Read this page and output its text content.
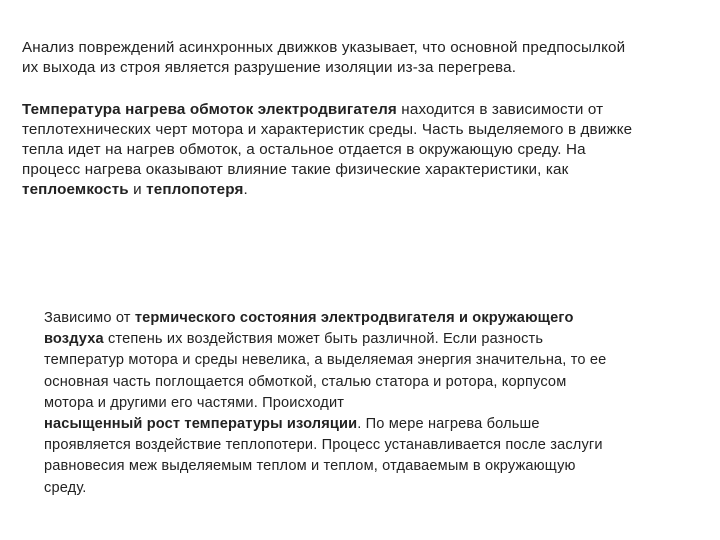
Анализ повреждений асинхронных движков указывает, что основной предпосылкой
их выхода из строя является разрушение изоляции из-за перегрева.
Температура нагрева обмоток электродвигателя находится в зависимости от
теплотехнических черт мотора и характеристик среды. Часть выделяемого в движке
тепла идет на нагрев обмоток, а остальное отдается в окружающую среду. На
процесс нагрева оказывают влияние такие физические характеристики, как
теплоемкость и теплопотеря.
Зависимо от термического состояния электродвигателя и окружающего
воздуха степень их воздействия может быть различной. Если разность
температур мотора и среды невелика, а выделяемая энергия значительна, то ее
основная часть поглощается обмоткой, сталью статора и ротора, корпусом
мотора и другими его частями. Происходит
насыщенный рост температуры изоляции. По мере нагрева больше
проявляется воздействие теплопотери. Процесс устанавливается после заслуги
равновесия меж выделяемым теплом и теплом, отдаваемым в окружающую
среду.
